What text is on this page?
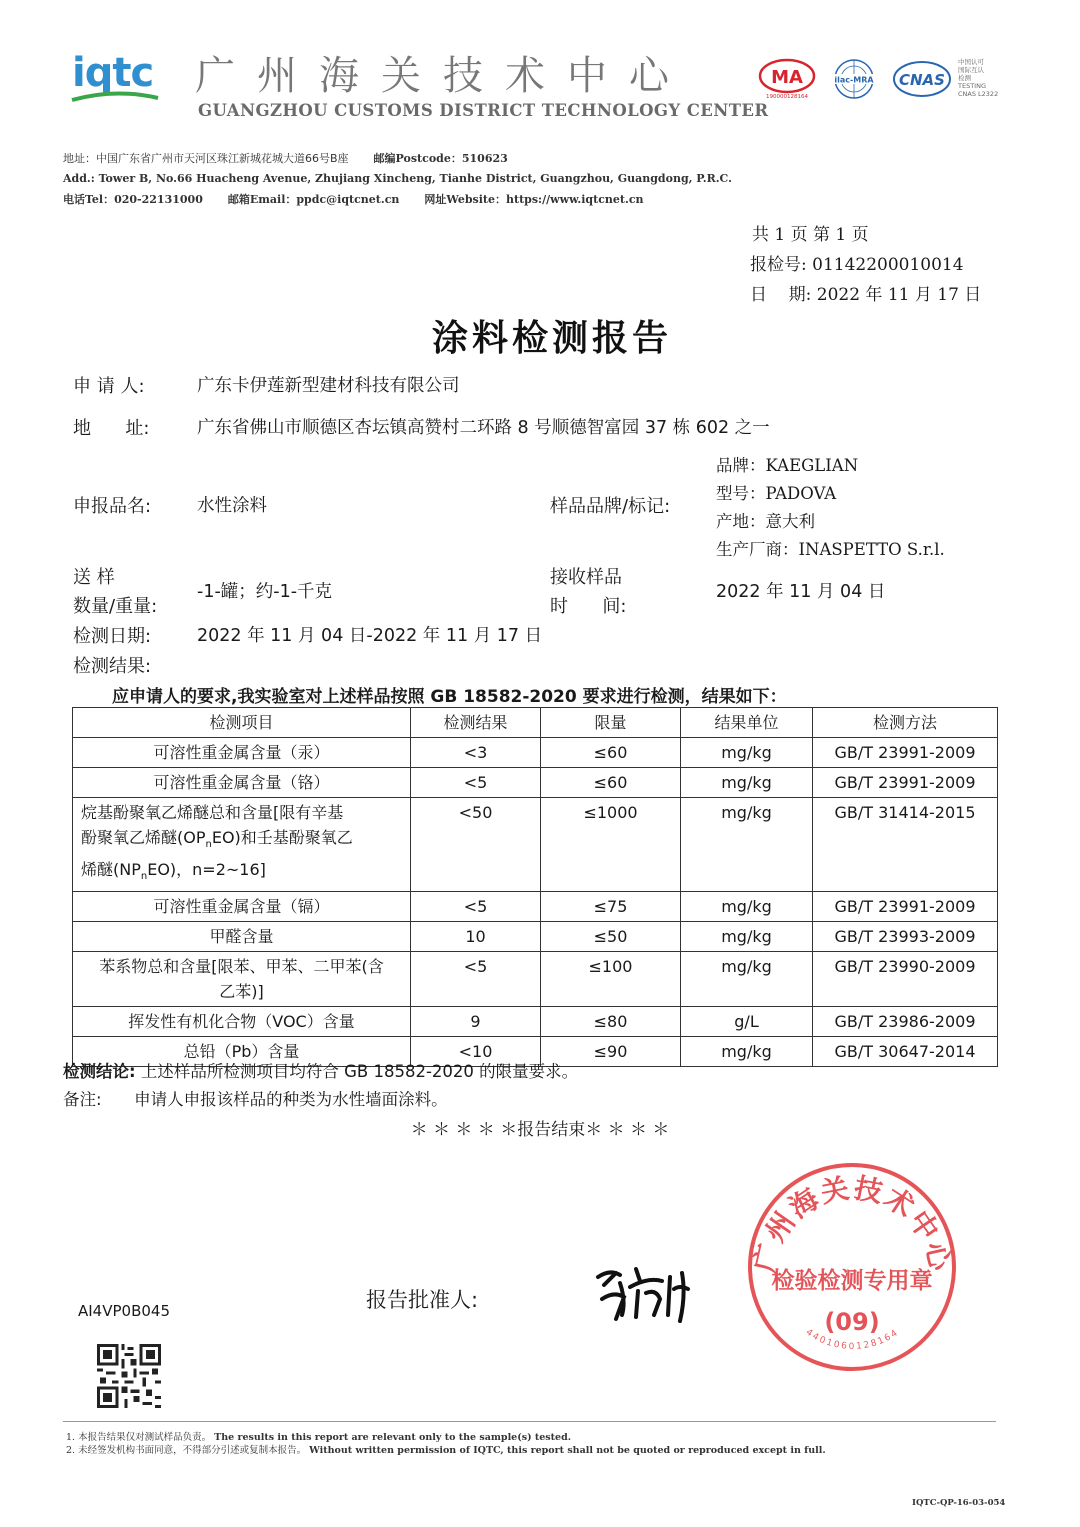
iqtc 广州海关技术中心
GUANGZHOU CUSTOMS DISTRICT TECHNOLOGY CENTER
MA
190000128164
ilac-MRA CNAS
中国认可
国际互认
检测
TESTING
CNAS L2322
地址：中国广东省广州市天河区珠江新城花城大道66号B座 邮编Postcode：510623
Add.: Tower B, No.66 Huacheng Avenue, Zhujiang Xincheng, Tianhe District, Guangzhou, Guangdong, P.R.C.
电话Tel：020-22131000 邮箱Email：ppdc@iqtcnet.cn 网址Website：https://www.iqtcnet.cn
共 1 页 第 1 页
报检号: 01142200010014
日    期: 2022 年 11 月 17 日
涂料检测报告
申 请 人:	广东卡伊莲新型建材科技有限公司
地      址:	广东省佛山市顺德区杏坛镇高赞村二环路 8 号顺德智富园 37 栋 602 之一
申报品名:	水性涂料	样品品牌/标记:
品牌：KAEGLIAN
型号：PADOVA
产地：意大利
生产厂商：INASPETTO S.r.l.
送 样
数量/重量:
-1-罐；约-1-千克
接收样品
时      间:
2022 年 11 月 04 日
检测日期:	2022 年 11 月 04 日-2022 年 11 月 17 日
检测结果:
应申请人的要求,我实验室对上述样品按照 GB 18582-2020 要求进行检测，结果如下：
检测项目	检测结果	限量	结果单位	检测方法
可溶性重金属含量（汞）	<3	≤60	mg/kg	GB/T 23991-2009
可溶性重金属含量（铬）	<5	≤60	mg/kg	GB/T 23991-2009

烷基酚聚氧乙烯醚总和含量[限有辛基
酚聚氧乙烯醚$(OP_nEO)$和壬基酚聚氧乙
烯醚$(NP_nEO)$，n=2~16]	<50	≤1000	mg/kg	GB/T 31414-2015
可溶性重金属含量（镉）	<5	≤75	mg/kg	GB/T 23991-2009
甲醛含量	10	≤50	mg/kg	GB/T 23993-2009

苯系物总和含量[限苯、甲苯、二甲苯(含
乙苯)]	<5	≤100	mg/kg	GB/T 23990-2009
挥发性有机化合物（VOC）含量	9	≤80	g/L	GB/T 23986-2009
总铅（Pb）含量	<10	≤90	mg/kg	GB/T 30647-2014
检测结论: 上述样品所检测项目均符合 GB 18582-2020 的限量要求。
备注: 申请人申报该样品的种类为水性墙面涂料。
＊ ＊ ＊ ＊ ＊报告结束＊ ＊ ＊ ＊
报告批准人:
广州海关技术中心
检验检测专用章
(09)
4401060128164
AI4VP0B045
1. 本报告结果仅对测试样品负责。 The results in this report are relevant only to the sample(s) tested.
2. 未经签发机构书面同意，不得部分引述或复制本报告。 Without written permission of IQTC, this report shall not be quoted or reproduced except in full.
IQTC-QP-16-03-054
